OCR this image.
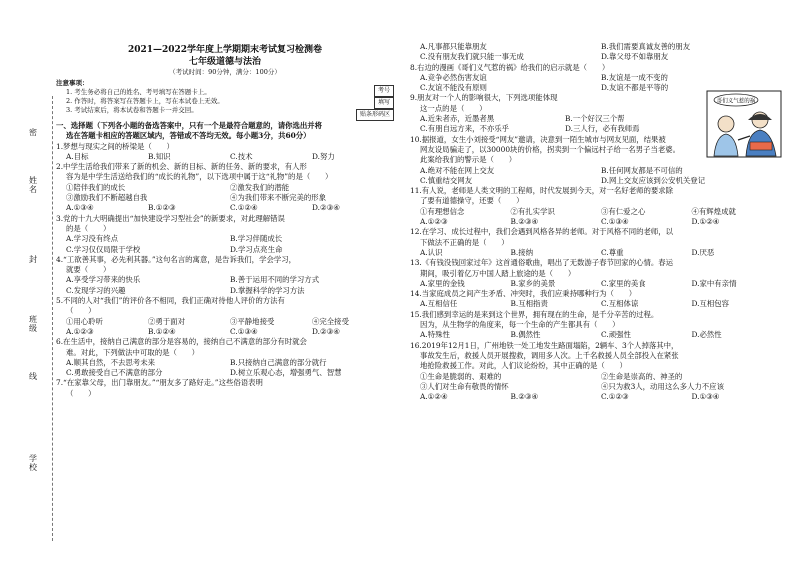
密
姓名
封
班级
线
学校
2021—2022学年度上学期期末考试复习检测卷
七年级道德与法治
（考试时间：90分钟，满分：100分）
注意事项：
1. 考生务必将自己的姓名、考号填写在答题卡上。
2. 作答时，将答案写在答题卡上，写在本试卷上无效。
3. 考试结束后，将本试卷和答题卡一并交回。
考号
填写
贴条形码区
一、选择题（下列各小题的备选答案中，只有一个是最符合题意的，请你选出并将
选在答题卡相应的答题区域内，答错或不答均无效。每小题3分，共60分）
1.梦想与现实之间的桥梁是（　　）
A.目标	B.知识	C.技术	D.努力
2.中学生活给我们带来了新的机会、新的目标、新的任务、新的要求，有人形
容为是中学生活送给我们的“成长的礼物”，以下选项中属于这“礼物”的是（　　）
①陪伴我们的成长	②激发我们的潜能
③激励我们不断超越自我	④为我们带来不断完美的形象
A.①③④	B.①②③	C.①②④	D.②③④
3.党的十九大明确提出“加快建设学习型社会”的新要求，对此理解错误
的是（　　）
A.学习没有终点	B.学习伴随成长
C.学习仅仅局限于学校	D.学习点亮生命
4.“工欲善其事，必先利其器。”这句名言的寓意，是告诉我们，学会学习，
就要（　　）
A.享受学习带来的快乐	B.善于运用不同的学习方式
C.发现学习的兴趣	D.掌握科学的学习方法
5.不同的人对“我们”的评价各不相同，我们正确对待他人评价的方法有
（　　）
①用心聆听	②勇于面对	③平静地接受	④完全接受
A.①②③	B.①②④	C.①③④	D.②③④
6.在生活中，接纳自己满意的部分是容易的，接纳自己不满意的部分有时就会
难。对此，下列做法中可取的是（　　）
A.顺其自然，不去思考未来	B.只接纳自己满意的部分就行
C.勇敢接受自己不满意的部分	D.树立乐观心态，增强勇气、智慧
7.“在家靠父母，出门靠朋友。”“朋友多了路好走。”这些俗语表明
（　　）
A.凡事都只能靠朋友	B.我们需要真诚友善的朋友
C.没有朋友我们就只能一事无成	D.靠父母不如靠朋友
8.右边的漫画《哥们义气惹的祸》给我们的启示就是（　　）
A.竞争必然伤害友谊	B.友谊是一成不变的
C.友谊不能没有原则	D.友谊不都是平等的
9.朋友对一个人的影响很大，下列选项能体现
这一点的是（　　）
A.近朱者赤，近墨者黑	B.一个好汉三个帮
C.有朋自远方来，不亦乐乎	D.三人行，必有我师焉
10.据报道，女生小刘接受“网友”邀请，决意到一陌生城市与网友见面，结果被
网友设局骗走了，以30000块的价格，拐卖到一个偏远村子给一名男子当老婆。
此案给我们的警示是（　　）
A.绝对不能在网上交友	B.任何网友都是不可信的
C.慎重结交网友	D.网上交友应该到公安机关登记
11.有人说，老师是人类文明的工程师，时代发展到今天，对一名好老师的要求除
了要有道德操守，还要（　　）
①有理想信念	②有扎实学识	③有仁爱之心	④有辉煌成就
A.①②③	B.②③④	C.①③④	D.①②④
12.在学习、成长过程中，我们会遇到风格各异的老师。对于风格不同的老师，以
下做法不正确的是（　　）
A.认识	B.接纳	C.尊重	D.厌恶
13.《有钱没钱回家过年》这首通俗歌曲，唱出了无数游子春节回家的心情。春运
期间，吸引着亿万中国人踏上旅途的是（　　）
A.家里的金钱	B.家乡的美景	C.家里的美食	D.家中有亲情
14.当家庭成员之间产生矛盾、冲突时，我们应秉持哪种行为（　　）
A.互相信任	B.互相指责	C.互相体谅	D.互相包容
15.我们感到幸运的是来到这个世界，拥有现在的生命，是千分辛苦的过程。
因为，从生物学的角度来，每一个生命的产生都具有（　　）
A.特殊性	B.偶然性	C.顽强性	D.必然性
16.2019年12月1日，广州地铁一处工地发生路面塌陷，2辆车、3个人掉落其中，
事故发生后，救援人员开展搜救，调用多人次。上千名救援人员全部投入在紧张
地抢险救援工作。对此，人们议论纷纷，其中正确的是（　　）
①生命是脆弱的、艰难的	②生命是崇高的、神圣的
③人们对生命有敬畏的情怀	④只为救3人，动用这么多人力不应该
A.①②④	B.②③④	C.①②③	D.①③④
哥们义气惹的祸
